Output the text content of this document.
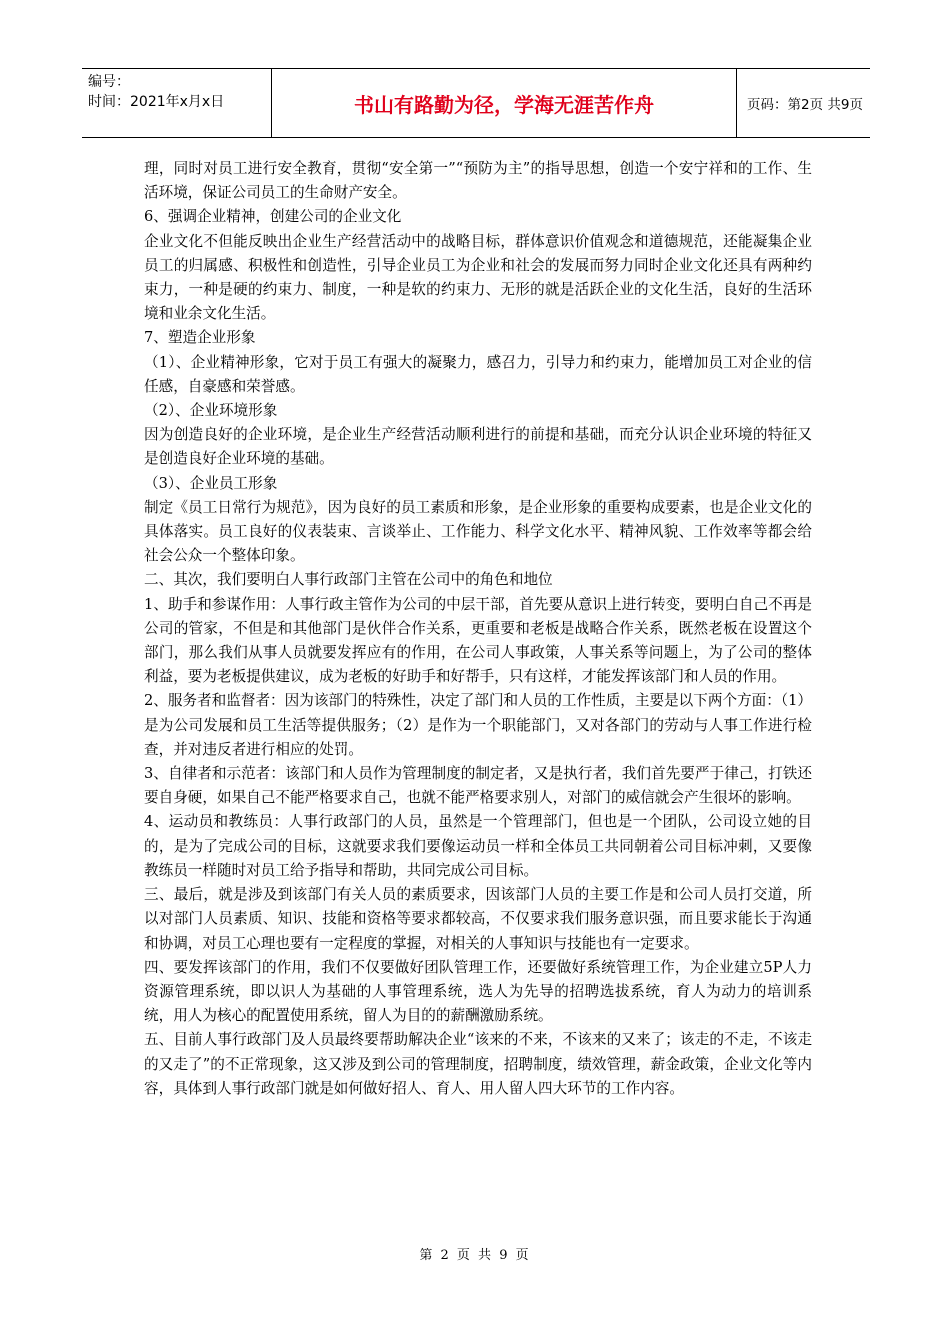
编号：
时间：2021年x月x日	书山有路勤为径，学海无涯苦作舟	页码：第2页 共9页

理，同时对员工进行安全教育，贯彻“安全第一”“预防为主”的指导思想，创造一个安宁祥和的工作、生活环境，保证公司员工的生命财产安全。

6、强调企业精神，创建公司的企业文化

企业文化不但能反映出企业生产经营活动中的战略目标，群体意识价值观念和道德规范，还能凝集企业员工的归属感、积极性和创造性，引导企业员工为企业和社会的发展而努力同时企业文化还具有两种约束力，一种是硬的约束力、制度，一种是软的约束力、无形的就是活跃企业的文化生活，良好的生活环境和业余文化生活。

7、塑造企业形象

（1）、企业精神形象，它对于员工有强大的凝聚力，感召力，引导力和约束力，能增加员工对企业的信任感，自豪感和荣誉感。

（2）、企业环境形象

因为创造良好的企业环境，是企业生产经营活动顺利进行的前提和基础，而充分认识企业环境的特征又是创造良好企业环境的基础。

（3）、企业员工形象

制定《员工日常行为规范》，因为良好的员工素质和形象，是企业形象的重要构成要素，也是企业文化的具体落实。员工良好的仪表装束、言谈举止、工作能力、科学文化水平、精神风貌、工作效率等都会给社会公众一个整体印象。

二、其次，我们要明白人事行政部门主管在公司中的角色和地位

1、助手和参谋作用：人事行政主管作为公司的中层干部，首先要从意识上进行转变，要明白自己不再是公司的管家，不但是和其他部门是伙伴合作关系，更重要和老板是战略合作关系，既然老板在设置这个部门，那么我们从事人员就要发挥应有的作用，在公司人事政策，人事关系等问题上，为了公司的整体利益，要为老板提供建议，成为老板的好助手和好帮手，只有这样，才能发挥该部门和人员的作用。

2、服务者和监督者：因为该部门的特殊性，决定了部门和人员的工作性质，主要是以下两个方面：（1）是为公司发展和员工生活等提供服务；（2）是作为一个职能部门，又对各部门的劳动与人事工作进行检查，并对违反者进行相应的处罚。

3、自律者和示范者：该部门和人员作为管理制度的制定者，又是执行者，我们首先要严于律己，打铁还要自身硬，如果自己不能严格要求自己，也就不能严格要求别人，对部门的威信就会产生很坏的影响。

4、运动员和教练员：人事行政部门的人员，虽然是一个管理部门，但也是一个团队，公司设立她的目的，是为了完成公司的目标，这就要求我们要像运动员一样和全体员工共同朝着公司目标冲刺，又要像教练员一样随时对员工给予指导和帮助，共同完成公司目标。

三、最后，就是涉及到该部门有关人员的素质要求，因该部门人员的主要工作是和公司人员打交道，所以对部门人员素质、知识、技能和资格等要求都较高，不仅要求我们服务意识强，而且要求能长于沟通和协调，对员工心理也要有一定程度的掌握，对相关的人事知识与技能也有一定要求。

四、要发挥该部门的作用，我们不仅要做好团队管理工作，还要做好系统管理工作，为企业建立5P人力资源管理系统，即以识人为基础的人事管理系统，选人为先导的招聘选拔系统，育人为动力的培训系统，用人为核心的配置使用系统，留人为目的的薪酬激励系统。

五、目前人事行政部门及人员最终要帮助解决企业“该来的不来，不该来的又来了；该走的不走，不该走的又走了”的不正常现象，这又涉及到公司的管理制度，招聘制度，绩效管理，薪金政策，企业文化等内容，具体到人事行政部门就是如何做好招人、育人、用人留人四大环节的工作内容。

第 2 页 共 9 页
